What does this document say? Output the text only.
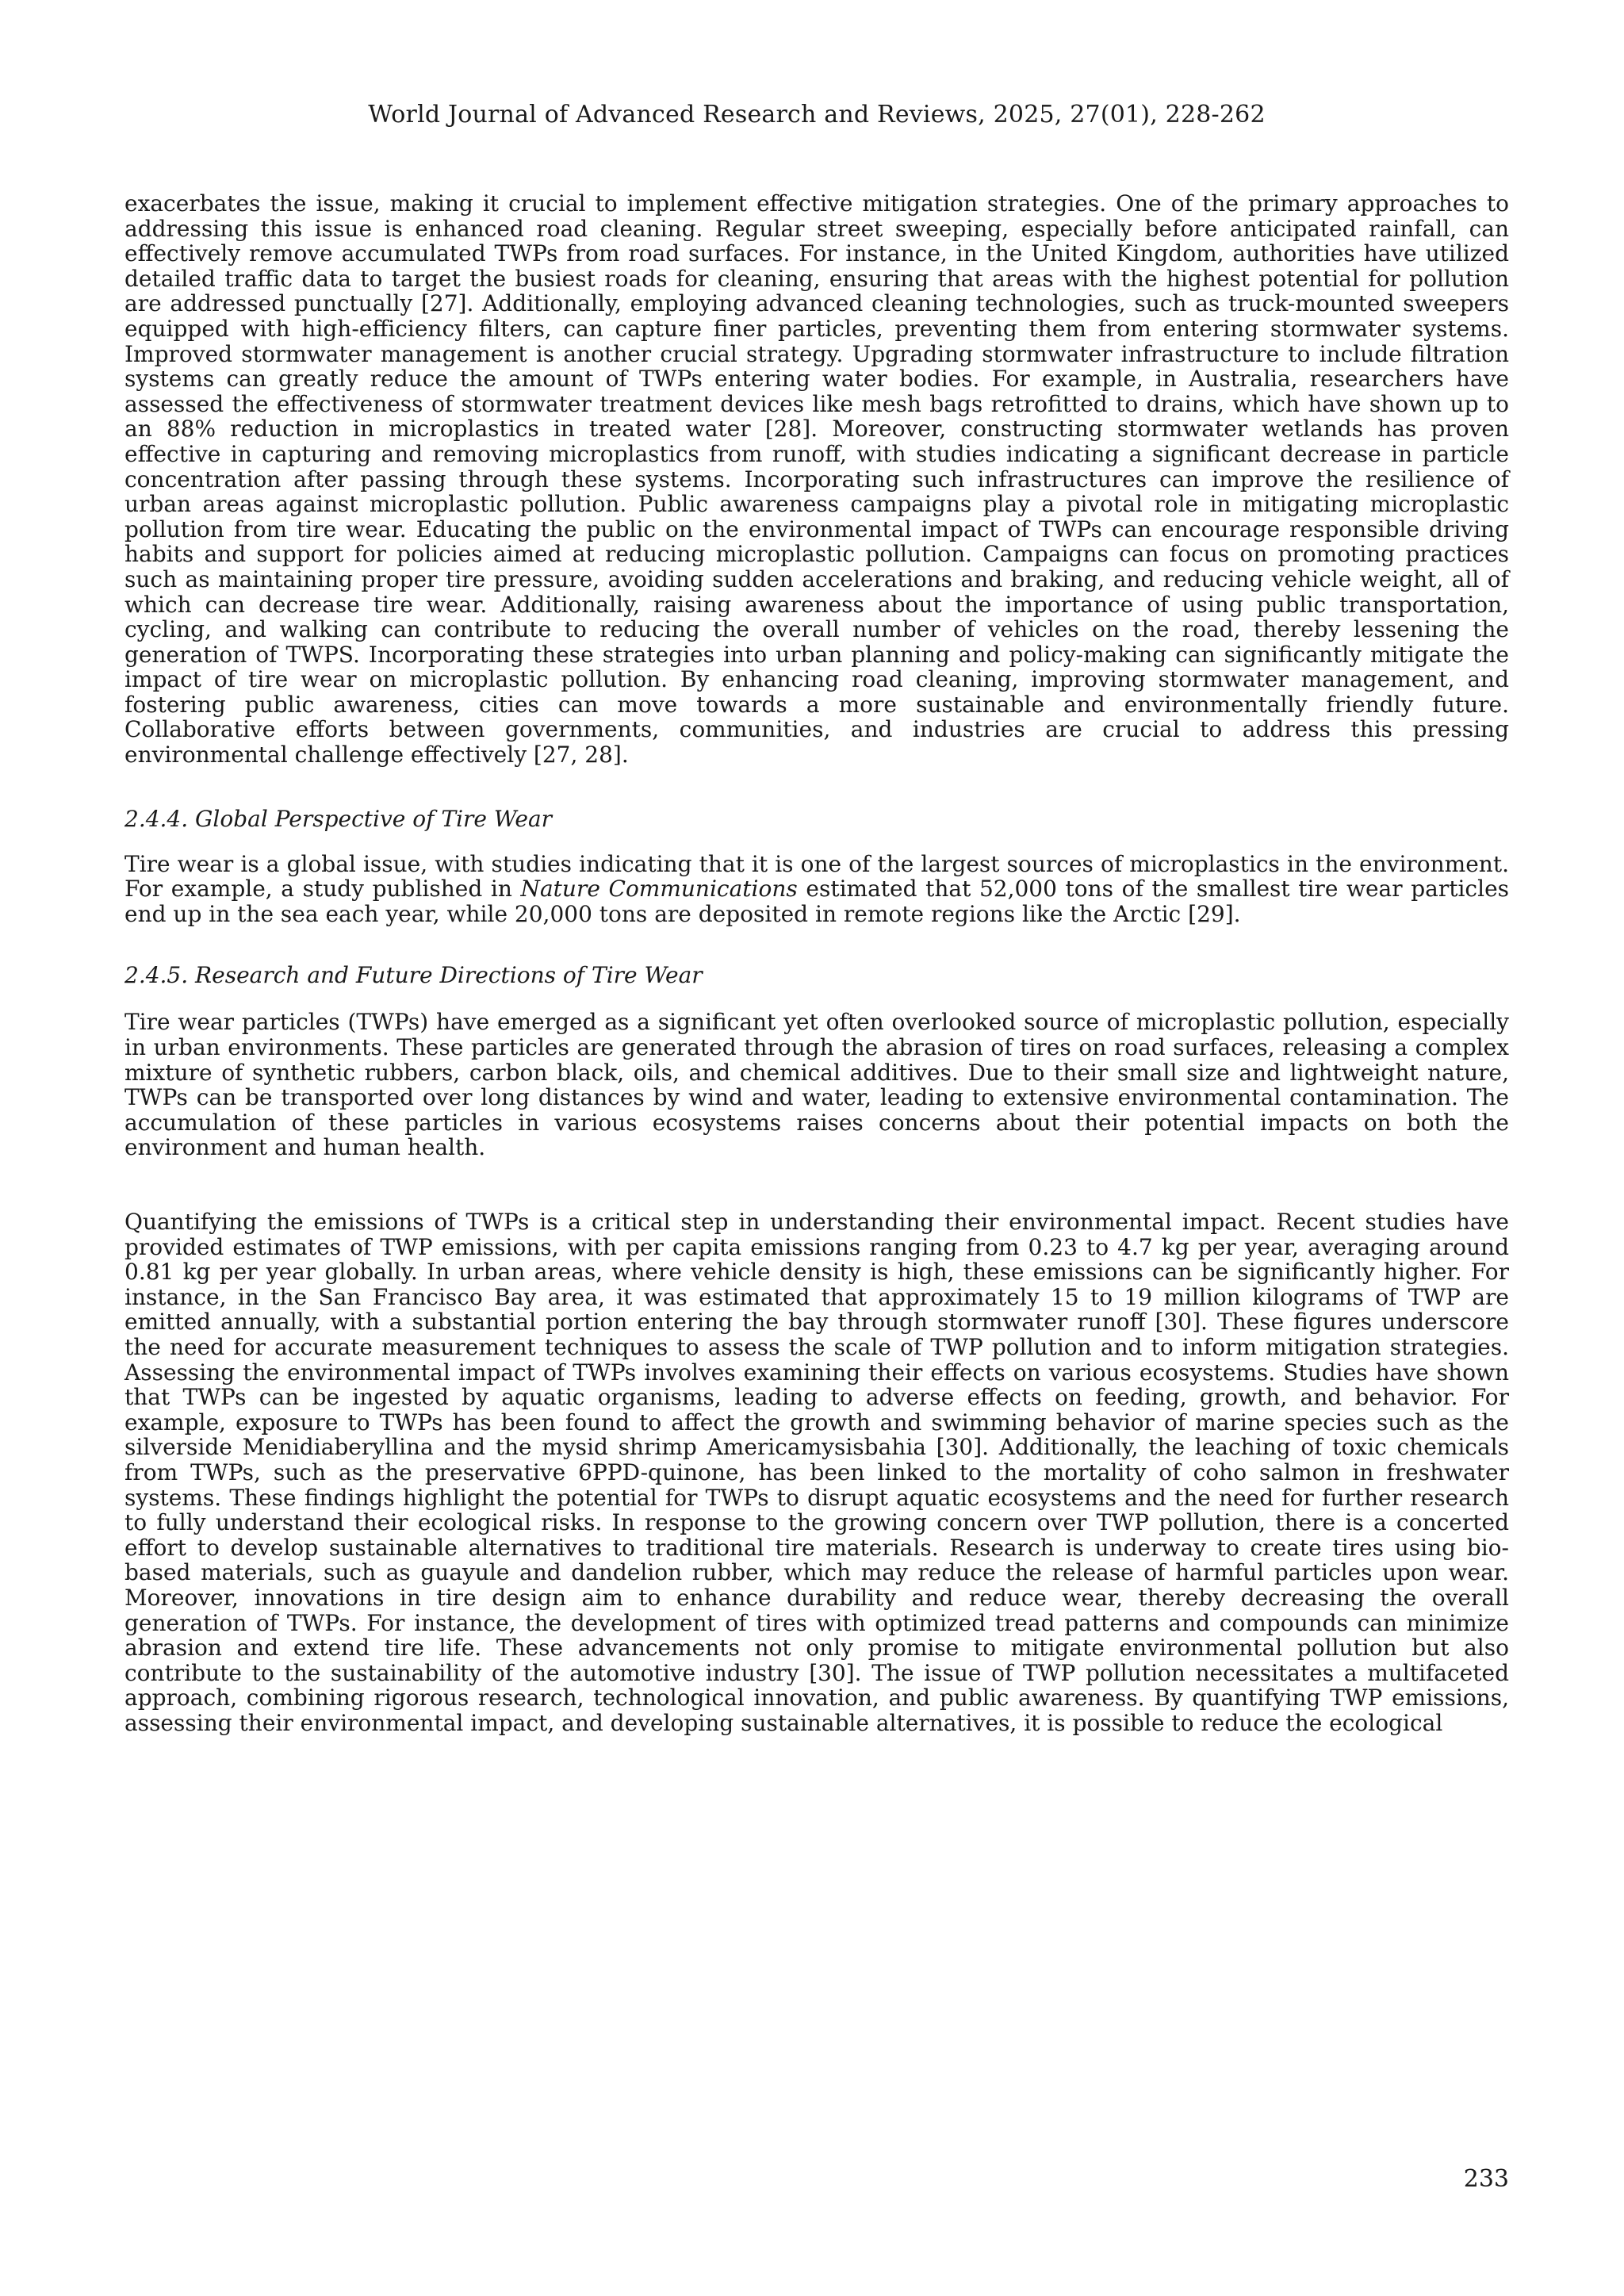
World Journal of Advanced Research and Reviews, 2025, 27(01), 228-262

exacerbates the issue, making it crucial to implement effective mitigation strategies. One of the primary approaches to addressing this issue is enhanced road cleaning. Regular street sweeping, especially before anticipated rainfall, can effectively remove accumulated TWPs from road surfaces. For instance, in the United Kingdom, authorities have utilized detailed traffic data to target the busiest roads for cleaning, ensuring that areas with the highest potential for pollution are addressed punctually [27]. Additionally, employing advanced cleaning technologies, such as truck-mounted sweepers equipped with high-efficiency filters, can capture finer particles, preventing them from entering stormwater systems. Improved stormwater management is another crucial strategy. Upgrading stormwater infrastructure to include filtration systems can greatly reduce the amount of TWPs entering water bodies. For example, in Australia, researchers have assessed the effectiveness of stormwater treatment devices like mesh bags retrofitted to drains, which have shown up to an 88% reduction in microplastics in treated water [28]. Moreover, constructing stormwater wetlands has proven effective in capturing and removing microplastics from runoff, with studies indicating a significant decrease in particle concentration after passing through these systems. Incorporating such infrastructures can improve the resilience of urban areas against microplastic pollution. Public awareness campaigns play a pivotal role in mitigating microplastic pollution from tire wear. Educating the public on the environmental impact of TWPs can encourage responsible driving habits and support for policies aimed at reducing microplastic pollution. Campaigns can focus on promoting practices such as maintaining proper tire pressure, avoiding sudden accelerations and braking, and reducing vehicle weight, all of which can decrease tire wear. Additionally, raising awareness about the importance of using public transportation, cycling, and walking can contribute to reducing the overall number of vehicles on the road, thereby lessening the generation of TWPS. Incorporating these strategies into urban planning and policy-making can significantly mitigate the impact of tire wear on microplastic pollution. By enhancing road cleaning, improving stormwater management, and fostering public awareness, cities can move towards a more sustainable and environmentally friendly future. Collaborative efforts between governments, communities, and industries are crucial to address this pressing environmental challenge effectively [27, 28].

2.4.4. Global Perspective of Tire Wear

Tire wear is a global issue, with studies indicating that it is one of the largest sources of microplastics in the environment. For example, a study published in Nature Communications estimated that 52,000 tons of the smallest tire wear particles end up in the sea each year, while 20,000 tons are deposited in remote regions like the Arctic [29].

2.4.5. Research and Future Directions of Tire Wear

Tire wear particles (TWPs) have emerged as a significant yet often overlooked source of microplastic pollution, especially in urban environments. These particles are generated through the abrasion of tires on road surfaces, releasing a complex mixture of synthetic rubbers, carbon black, oils, and chemical additives. Due to their small size and lightweight nature, TWPs can be transported over long distances by wind and water, leading to extensive environmental contamination. The accumulation of these particles in various ecosystems raises concerns about their potential impacts on both the environment and human health.

Quantifying the emissions of TWPs is a critical step in understanding their environmental impact. Recent studies have provided estimates of TWP emissions, with per capita emissions ranging from 0.23 to 4.7 kg per year, averaging around 0.81 kg per year globally. In urban areas, where vehicle density is high, these emissions can be significantly higher. For instance, in the San Francisco Bay area, it was estimated that approximately 15 to 19 million kilograms of TWP are emitted annually, with a substantial portion entering the bay through stormwater runoff [30]. These figures underscore the need for accurate measurement techniques to assess the scale of TWP pollution and to inform mitigation strategies. Assessing the environmental impact of TWPs involves examining their effects on various ecosystems. Studies have shown that TWPs can be ingested by aquatic organisms, leading to adverse effects on feeding, growth, and behavior. For example, exposure to TWPs has been found to affect the growth and swimming behavior of marine species such as the silverside Menidiaberyllina and the mysid shrimp Americamysisbahia [30]. Additionally, the leaching of toxic chemicals from TWPs, such as the preservative 6PPD-quinone, has been linked to the mortality of coho salmon in freshwater systems. These findings highlight the potential for TWPs to disrupt aquatic ecosystems and the need for further research to fully understand their ecological risks. In response to the growing concern over TWP pollution, there is a concerted effort to develop sustainable alternatives to traditional tire materials. Research is underway to create tires using bio-based materials, such as guayule and dandelion rubber, which may reduce the release of harmful particles upon wear. Moreover, innovations in tire design aim to enhance durability and reduce wear, thereby decreasing the overall generation of TWPs. For instance, the development of tires with optimized tread patterns and compounds can minimize abrasion and extend tire life. These advancements not only promise to mitigate environmental pollution but also contribute to the sustainability of the automotive industry [30]. The issue of TWP pollution necessitates a multifaceted approach, combining rigorous research, technological innovation, and public awareness. By quantifying TWP emissions, assessing their environmental impact, and developing sustainable alternatives, it is possible to reduce the ecological

233
